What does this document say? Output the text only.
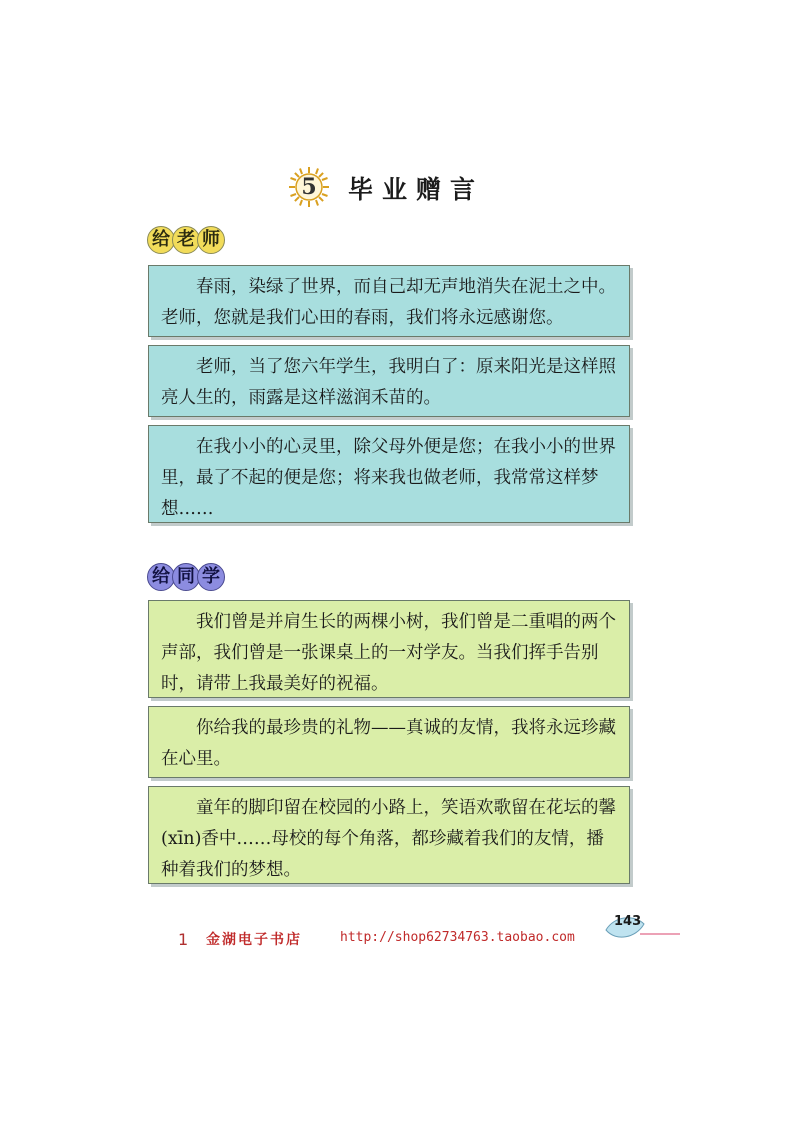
5	毕业赠言
给 老 师
春雨，染绿了世界，而自己却无声地消失在泥土之中。老师，您就是我们心田的春雨，我们将永远感谢您。
老师，当了您六年学生，我明白了：原来阳光是这样照亮人生的，雨露是这样滋润禾苗的。
在我小小的心灵里，除父母外便是您；在我小小的世界里，最了不起的便是您；将来我也做老师，我常常这样梦想……
给 同 学
我们曾是并肩生长的两棵小树，我们曾是二重唱的两个声部，我们曾是一张课桌上的一对学友。当我们挥手告别时，请带上我最美好的祝福。
你给我的最珍贵的礼物——真诚的友情，我将永远珍藏在心里。
童年的脚印留在校园的小路上，笑语欢歌留在花坛的馨(xīn)香中……母校的每个角落，都珍藏着我们的友情，播种着我们的梦想。
1 金湖电子书店	http://shop62734763.taobao.com
143
